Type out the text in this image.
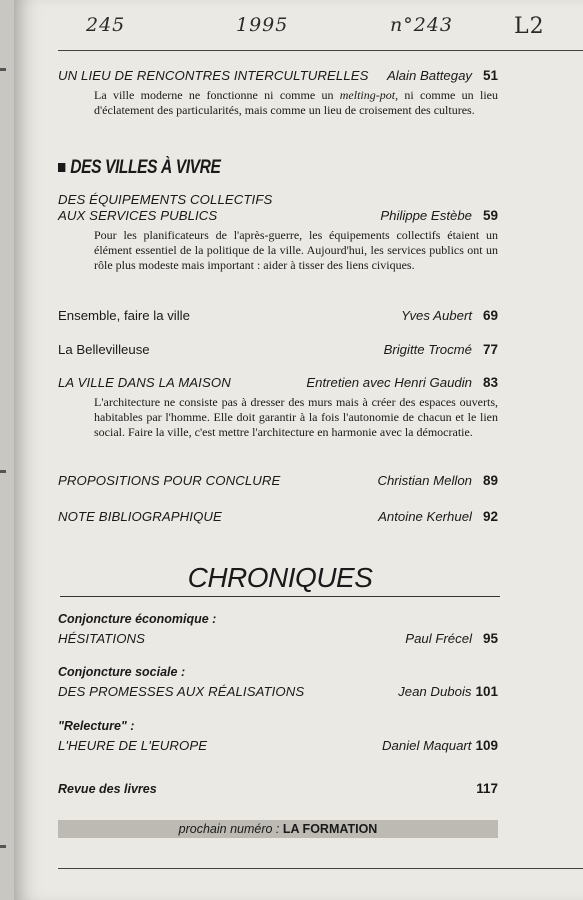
245	1995	n°243	L2
UN LIEU DE RENCONTRES INTERCULTURELLES Alain Battegay 51
La ville moderne ne fonctionne ni comme un melting-pot, ni comme un lieu d'éclatement des particularités, mais comme un lieu de croisement des cultures.
DES VILLES À VIVRE
DES ÉQUIPEMENTS COLLECTIFS
AUX SERVICES PUBLICS	Philippe Estèbe 59
Pour les planificateurs de l'après-guerre, les équipements collectifs étaient un élément essentiel de la politique de la ville. Aujourd'hui, les services publics ont un rôle plus modeste mais important : aider à tisser des liens civiques.
Ensemble, faire la ville	Yves Aubert 69
La Bellevilleuse	Brigitte Trocmé 77
LA VILLE DANS LA MAISON	Entretien avec Henri Gaudin 83
L'architecture ne consiste pas à dresser des murs mais à créer des espaces ouverts, habitables par l'homme. Elle doit garantir à la fois l'autonomie de chacun et le lien social. Faire la ville, c'est mettre l'architecture en harmonie avec la démocratie.
PROPOSITIONS POUR CONCLURE	Christian Mellon 89
NOTE BIBLIOGRAPHIQUE	Antoine Kerhuel 92
CHRONIQUES
Conjoncture économique :
HÉSITATIONS	Paul Frécel 95
Conjoncture sociale :
DES PROMESSES AUX RÉALISATIONS	Jean Dubois 101
"Relecture" :
L'HEURE DE L'EUROPE	Daniel Maquart 109
Revue des livres	117
prochain numéro : LA FORMATION
